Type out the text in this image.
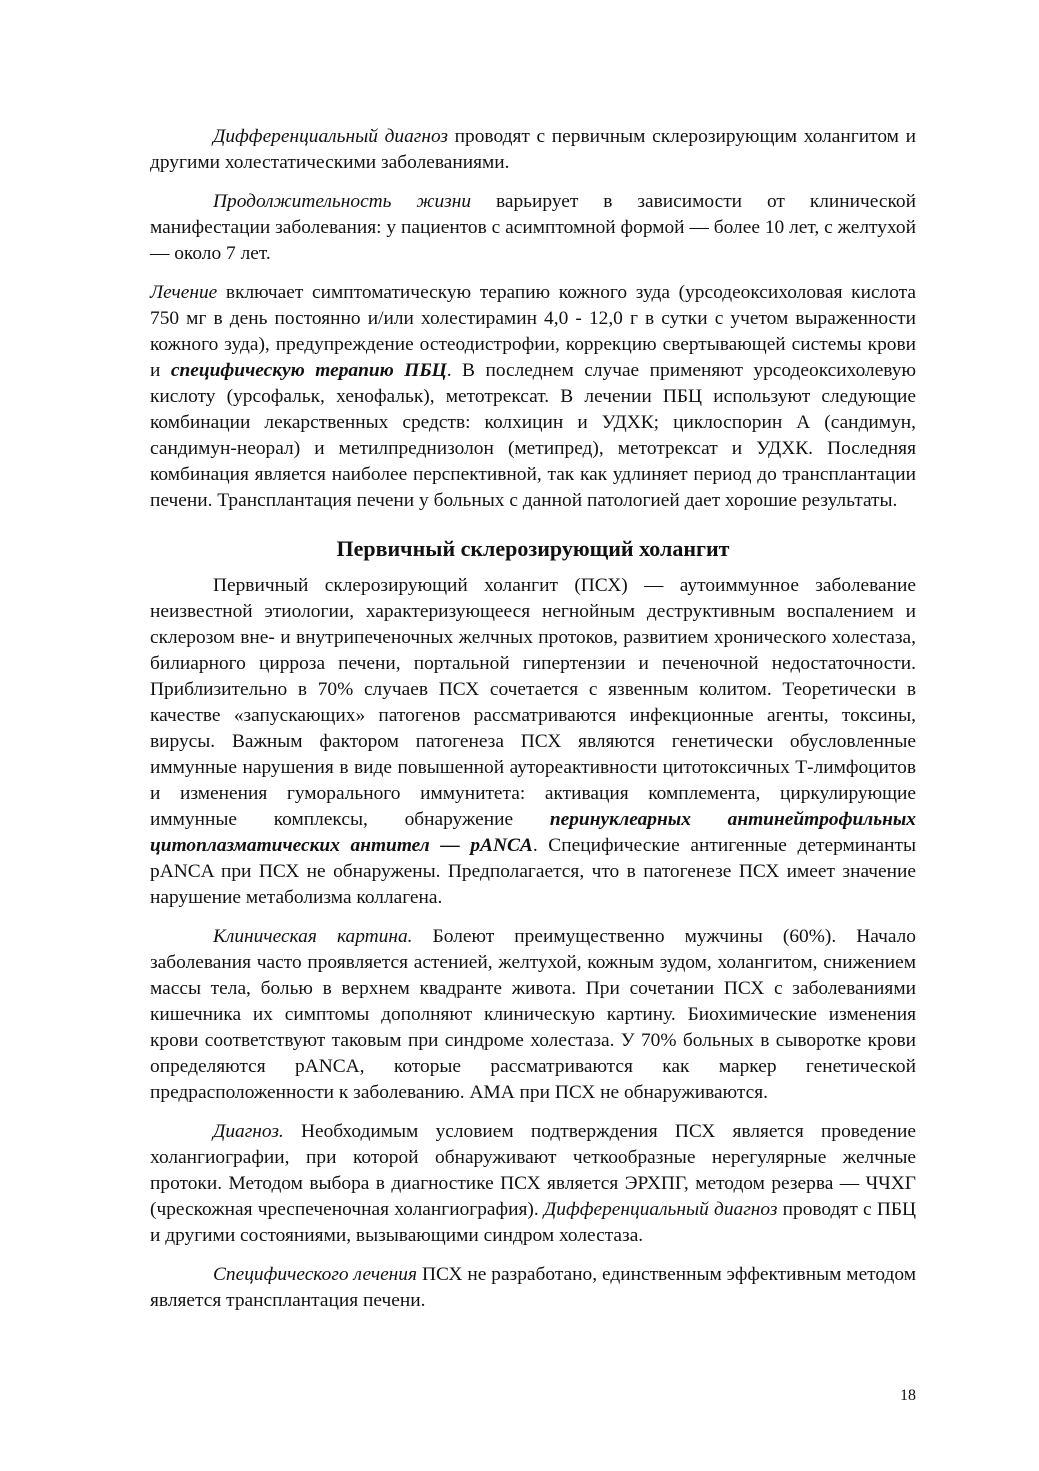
Дифференциальный диагноз проводят с первичным склерозирующим холангитом и другими холестатическими заболеваниями.

Продолжительность жизни варьирует в зависимости от клинической манифестации заболевания: у пациентов с асимптомной формой — более 10 лет, с желтухой — около 7 лет.

Лечение включает симптоматическую терапию кожного зуда (урсодеоксихоловая кислота 750 мг в день постоянно и/или холестирамин 4,0 - 12,0 г в сутки с учетом выраженности кожного зуда), предупреждение остеодистрофии, коррекцию свертывающей системы крови и специфическую терапию ПБЦ. В последнем случае применяют урсодеоксихолевую кислоту (урсофальк, хенофальк), метотрексат. В лечении ПБЦ используют следующие комбинации лекарственных средств: колхицин и УДХК; циклоспорин А (сандимун, сандимун-неорал) и метилпреднизолон (метипред), метотрексат и УДХК. Последняя комбинация является наиболее перспективной, так как удлиняет период до трансплантации печени. Трансплантация печени у больных с данной патологией дает хорошие результаты.

Первичный склерозирующий холангит

Первичный склерозирующий холангит (ПСХ) — аутоиммунное заболевание неизвестной этиологии, характеризующееся негнойным деструктивным воспалением и склерозом вне- и внутрипеченочных желчных протоков, развитием хронического холестаза, билиарного цирроза печени, портальной гипертензии и печеночной недостаточности. Приблизительно в 70% случаев ПСХ сочетается с язвенным колитом. Теоретически в качестве «запускающих» патогенов рассматриваются инфекционные агенты, токсины, вирусы. Важным фактором патогенеза ПСХ являются генетически обусловленные иммунные нарушения в виде повышенной аутореактивности цитотоксичных Т-лимфоцитов и изменения гуморального иммунитета: активация комплемента, циркулирующие иммунные комплексы, обнаружение перинуклеарных антинейтрофильных цитоплазматических антител — pANCA. Специфические антигенные детерминанты pANCA при ПСХ не обнаружены. Предполагается, что в патогенезе ПСХ имеет значение нарушение метаболизма коллагена.

Клиническая картина. Болеют преимущественно мужчины (60%). Начало заболевания часто проявляется астенией, желтухой, кожным зудом, холангитом, снижением массы тела, болью в верхнем квадранте живота. При сочетании ПСХ с заболеваниями кишечника их симптомы дополняют клиническую картину. Биохимические изменения крови соответствуют таковым при синдроме холестаза. У 70% больных в сыворотке крови определяются pANCA, которые рассматриваются как маркер генетической предрасположенности к заболеванию. АМА при ПСХ не обнаруживаются.

Диагноз. Необходимым условием подтверждения ПСХ является проведение холангиографии, при которой обнаруживают четкообразные нерегулярные желчные протоки. Методом выбора в диагностике ПСХ является ЭРХПГ, методом резерва — ЧЧХГ (чрескожная чреспеченочная холангиография). Дифференциальный диагноз проводят с ПБЦ и другими состояниями, вызывающими синдром холестаза.

Специфического лечения ПСХ не разработано, единственным эффективным методом является трансплантация печени.

18
